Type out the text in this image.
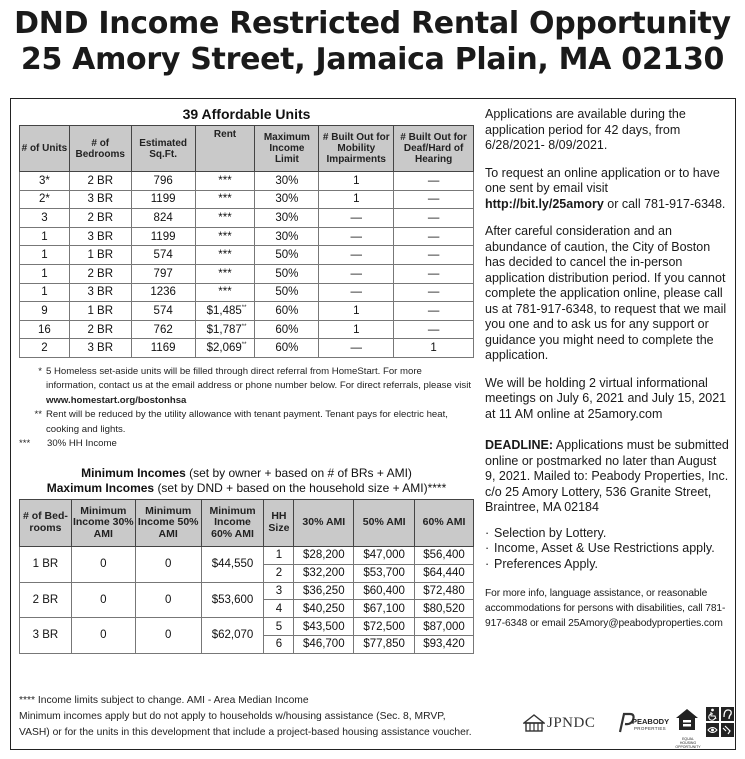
DND Income Restricted Rental Opportunity
25 Amory Street, Jamaica Plain, MA 02130
39 Affordable Units
# of Units	# of Bedrooms	Estimated Sq.Ft.	Rent	Maximum Income Limit	# Built Out for Mobility Impairments	# Built Out for Deaf/Hard of Hearing
3*	2 BR	796	***	30%	1	—
2*	3 BR	1199	***	30%	1	—
3	2 BR	824	***	30%	—	—
1	3 BR	1199	***	30%	—	—
1	1 BR	574	***	50%	—	—
1	2 BR	797	***	50%	—	—
1	3 BR	1236	***	50%	—	—
9	1 BR	574	$1,485**	60%	1	—
16	2 BR	762	$1,787**	60%	1	—
2	3 BR	1169	$2,069**	60%	—	1
* 5 Homeless set-aside units will be filled through direct referral from HomeStart. For more information, contact us at the email address or phone number below. For direct referrals, please visit www.homestart.org/bostonhsa
** Rent will be reduced by the utility allowance with tenant payment. Tenant pays for electric heat, cooking and lights.
***	30% HH Income
Minimum Incomes (set by owner + based on # of BRs + AMI)
Maximum Incomes (set by DND + based on the household size + AMI)****
# of Bed-rooms	Minimum Income 30% AMI	Minimum Income 50% AMI	Minimum Income 60% AMI	HH Size	30% AMI	50% AMI	60% AMI
1 BR	0	0	$44,550	1	$28,200	$47,000	$56,400
				2	$32,200	$53,700	$64,440
2 BR	0	0	$53,600	3	$36,250	$60,400	$72,480
				4	$40,250	$67,100	$80,520
3 BR	0	0	$62,070	5	$43,500	$72,500	$87,000
				6	$46,700	$77,850	$93,420
**** Income limits subject to change. AMI - Area Median Income
Minimum incomes apply but do not apply to households w/housing assistance (Sec. 8, MRVP, VASH) or for the units in this development that include a project-based housing assistance voucher.

Applications are available during the application period for 42 days, from 6/28/2021- 8/09/2021.

To request an online application or to have one sent by email visit http://bit.ly/25amory or call 781-917-6348.

After careful consideration and an abundance of caution, the City of Boston has decided to cancel the in-person application distribution period. If you cannot complete the application online, please call us at 781-917-6348, to request that we mail you one and to ask us for any support or guidance you might need to complete the application.

We will be holding 2 virtual informational meetings on July 6, 2021 and July 15, 2021 at 11 AM online at 25amory.com

DEADLINE: Applications must be submitted online or postmarked no later than August 9, 2021. Mailed to: Peabody Properties, Inc. c/o 25 Amory Lottery, 536 Granite Street, Braintree, MA 02184

· Selection by Lottery.
· Income, Asset & Use Restrictions apply.
· Preferences Apply.
For more info, language assistance, or reasonable accommodations for persons with disabilities, call 781-917-6348 or email 25Amory@peabodyproperties.com
JPNDC	PEABODY
PROPERTIES
EQUAL HOUSING OPPORTUNITY
